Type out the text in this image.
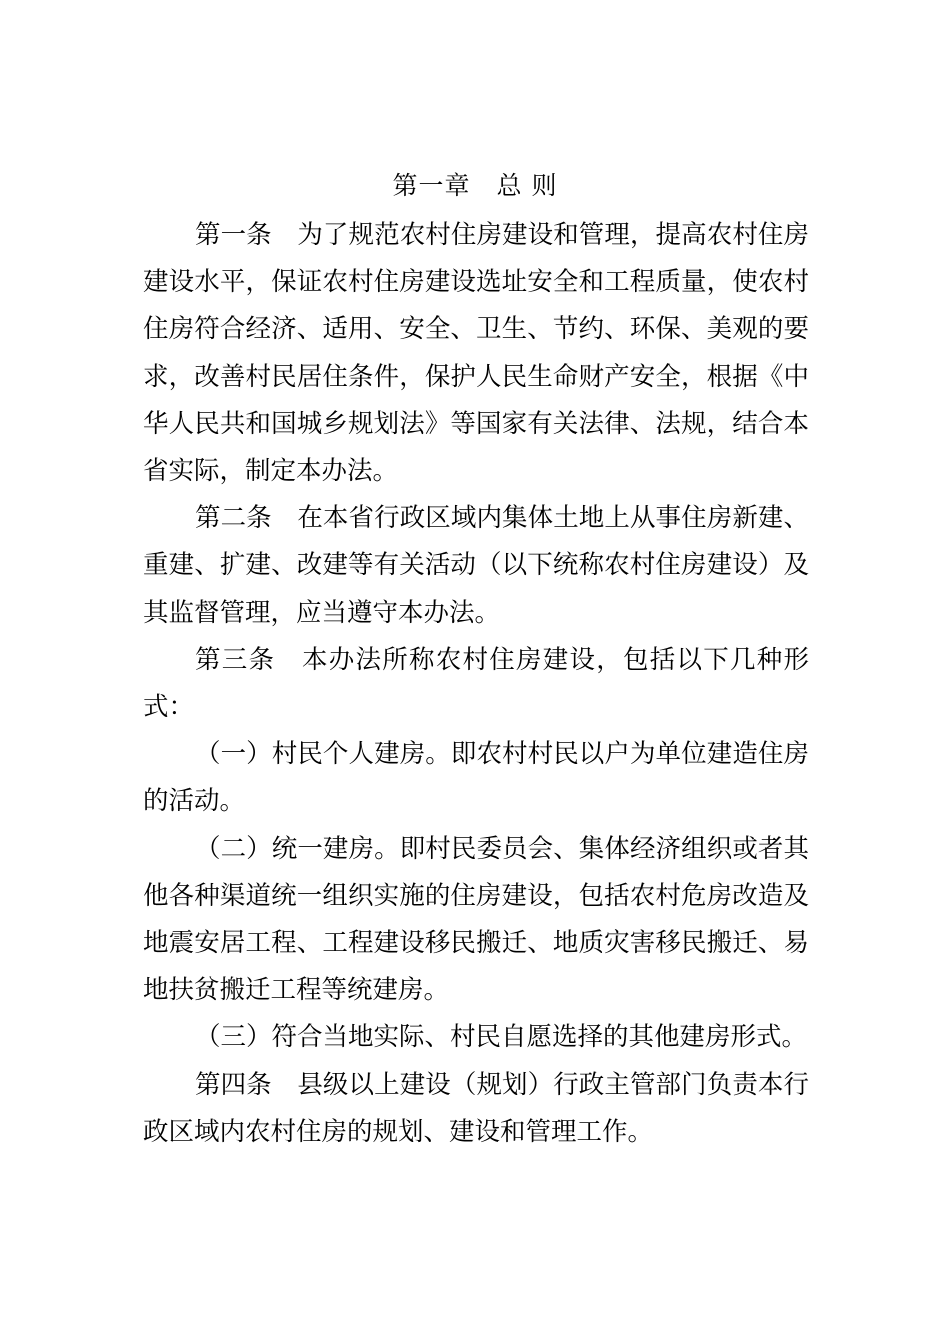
第一章　总 则

第一条　为了规范农村住房建设和管理，提高农村住房建设水平，保证农村住房建设选址安全和工程质量，使农村住房符合经济、适用、安全、卫生、节约、环保、美观的要求，改善村民居住条件，保护人民生命财产安全，根据《中华人民共和国城乡规划法》等国家有关法律、法规，结合本省实际，制定本办法。

第二条　在本省行政区域内集体土地上从事住房新建、重建、扩建、改建等有关活动（以下统称农村住房建设）及其监督管理，应当遵守本办法。

第三条　本办法所称农村住房建设，包括以下几种形式：

（一）村民个人建房。即农村村民以户为单位建造住房的活动。

（二）统一建房。即村民委员会、集体经济组织或者其他各种渠道统一组织实施的住房建设，包括农村危房改造及地震安居工程、工程建设移民搬迁、地质灾害移民搬迁、易地扶贫搬迁工程等统建房。

（三）符合当地实际、村民自愿选择的其他建房形式。

第四条　县级以上建设（规划）行政主管部门负责本行政区域内农村住房的规划、建设和管理工作。
